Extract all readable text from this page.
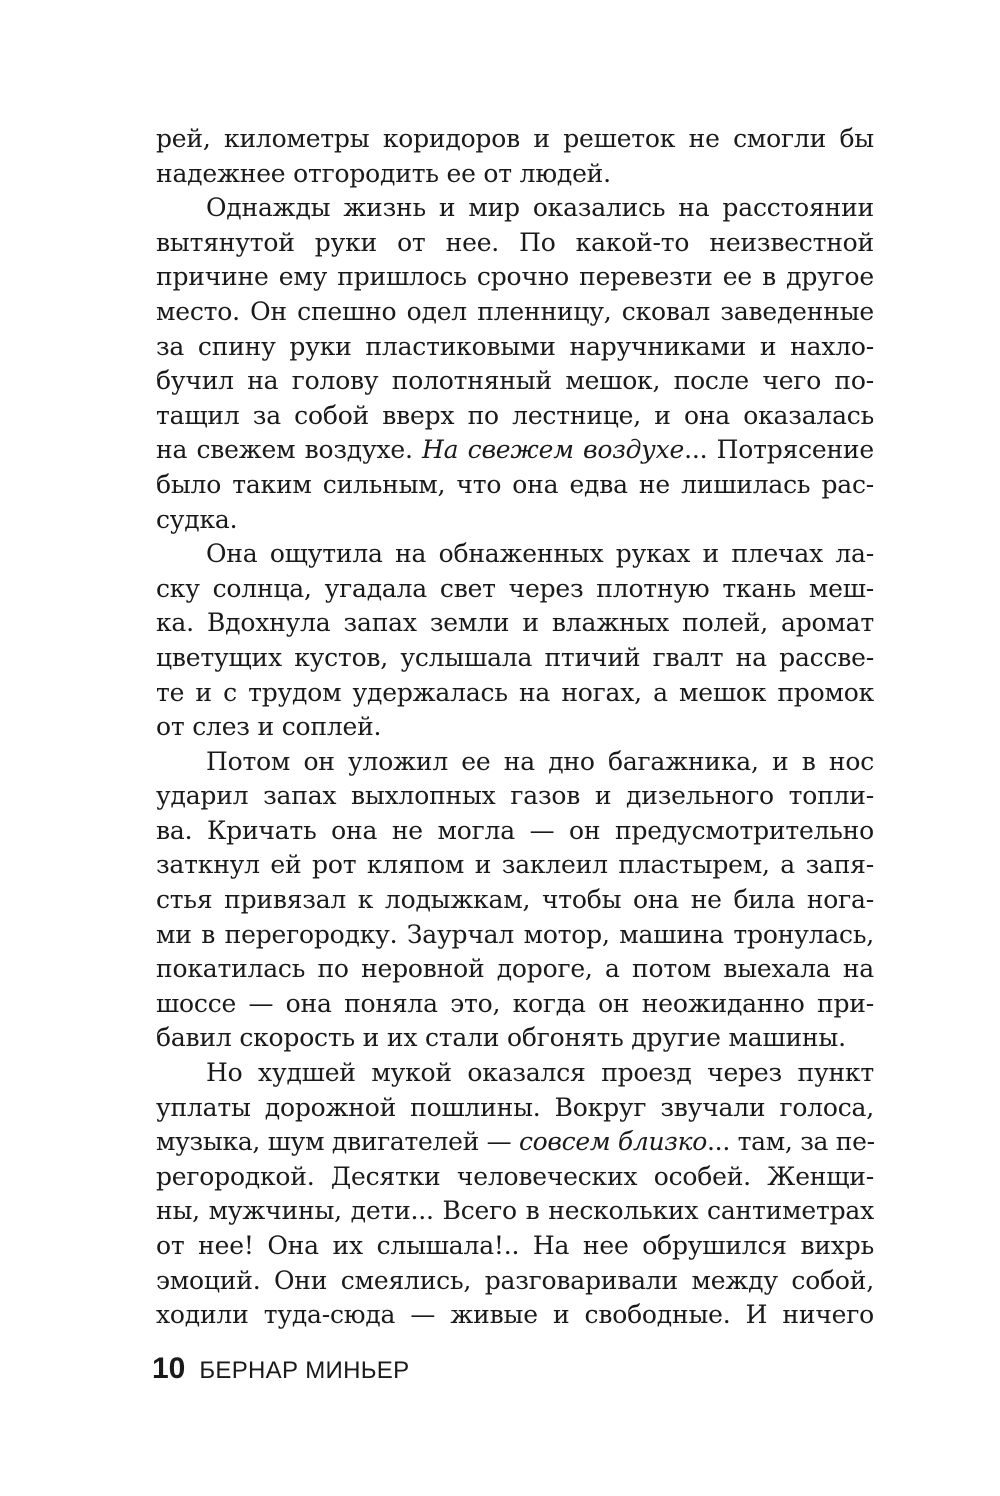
рей, километры коридоров и решеток не смогли бы
надежнее отгородить ее от людей.
Однажды жизнь и мир оказались на расстоянии
вытянутой руки от нее. По какой-то неизвестной
причине ему пришлось срочно перевезти ее в другое
место. Он спешно одел пленницу, сковал заведенные
за спину руки пластиковыми наручниками и нахло-
бучил на голову полотняный мешок, после чего по-
тащил за собой вверх по лестнице, и она оказалась
на свежем воздухе. На свежем воздухе... Потрясение
было таким сильным, что она едва не лишилась рас-
судка.
Она ощутила на обнаженных руках и плечах ла-
ску солнца, угадала свет через плотную ткань меш-
ка. Вдохнула запах земли и влажных полей, аромат
цветущих кустов, услышала птичий гвалт на рассве-
те и с трудом удержалась на ногах, а мешок промок
от слез и соплей.
Потом он уложил ее на дно багажника, и в нос
ударил запах выхлопных газов и дизельного топли-
ва. Кричать она не могла — он предусмотрительно
заткнул ей рот кляпом и заклеил пластырем, а запя-
стья привязал к лодыжкам, чтобы она не била нога-
ми в перегородку. Заурчал мотор, машина тронулась,
покатилась по неровной дороге, а потом выехала на
шоссе — она поняла это, когда он неожиданно при-
бавил скорость и их стали обгонять другие машины.
Но худшей мукой оказался проезд через пункт
уплаты дорожной пошлины. Вокруг звучали голоса,
музыка, шум двигателей — совсем близко... там, за пе-
регородкой. Десятки человеческих особей. Женщи-
ны, мужчины, дети... Всего в нескольких сантиметрах
от нее! Она их слышала!.. На нее обрушился вихрь
эмоций. Они смеялись, разговаривали между собой,
ходили туда-сюда — живые и свободные. И ничего
10 БЕРНАР МИНЬЕР
